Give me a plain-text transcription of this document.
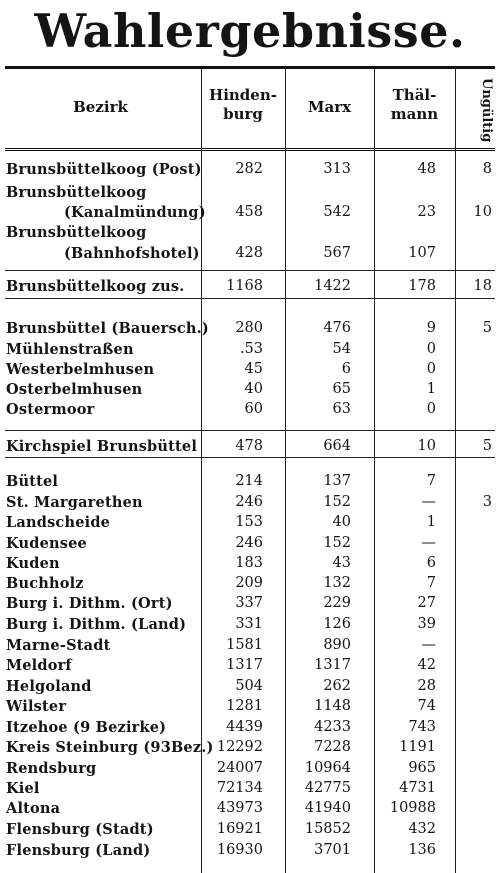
Wahlergebnisse.
Bezirk
Hinden-
burg	Marx
Thäl-
mann	Ungültig
Brunsbüttelkoog (Post) 282	313	48	8
Brunsbüttelkoog
(Kanalmündung) 458	542	23	10
Brunsbüttelkoog
(Bahnhofshotel) 428	567	107
Brunsbüttelkoog zus.	1168	1422	178	18
Brunsbüttel (Bauersch.) 280	476	9	5
Mühlenstraßen	.53	54	0
Westerbelmhusen	45	6	0
Osterbelmhusen	40	65	1
Ostermoor	60	63	0
Kirchspiel Brunsbüttel	478	664	10	5
Büttel	214	137	7
St. Margarethen	246	152	—	3
Landscheide	153	40	1
Kudensee	246	152	—
Kuden	183	43	6
Buchholz	209	132	7
Burg i. Dithm. (Ort)	337	229	27
Burg i. Dithm. (Land)	331	126	39
Marne-Stadt	1581	890	—
Meldorf	1317	1317	42
Helgoland	504	262	28
Wilster	1281	1148	74
Itzehoe (9 Bezirke)	4439	4233	743
Kreis Steinburg (93Bez.) 12292	7228	1191
Rendsburg	24007	10964	965
Kiel	72134	42775	4731
Altona	43973	41940	10988
Flensburg (Stadt)	16921	15852	432
Flensburg (Land)	16930	3701	136
